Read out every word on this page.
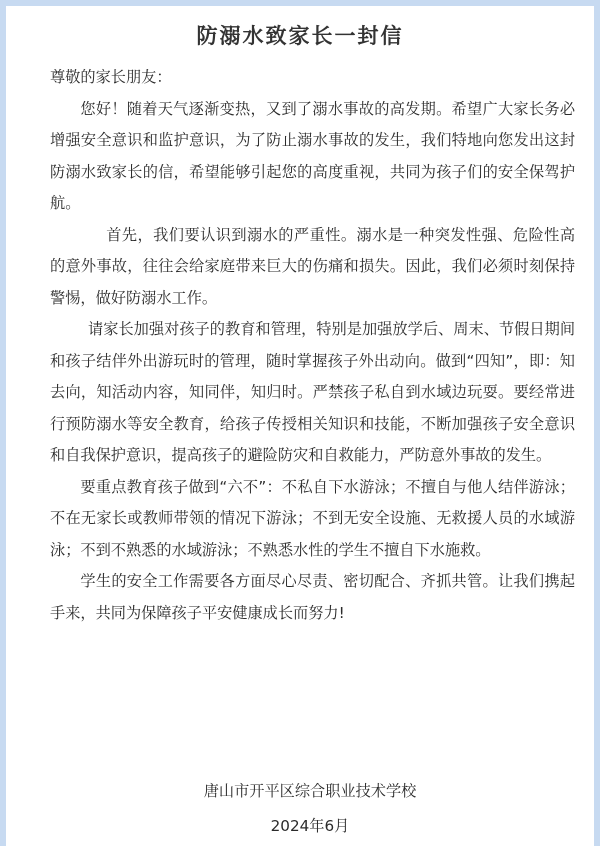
防溺水致家长一封信

尊敬的家长朋友：

您好！随着天气逐渐变热，又到了溺水事故的高发期。希望广大家长务必增强安全意识和监护意识，为了防止溺水事故的发生，我们特地向您发出这封防溺水致家长的信，希望能够引起您的高度重视，共同为孩子们的安全保驾护航。

首先，我们要认识到溺水的严重性。溺水是一种突发性强、危险性高的意外事故，往往会给家庭带来巨大的伤痛和损失。因此，我们必须时刻保持警惕，做好防溺水工作。

请家长加强对孩子的教育和管理，特别是加强放学后、周末、节假日期间和孩子结伴外出游玩时的管理，随时掌握孩子外出动向。做到“四知”，即：知去向，知活动内容，知同伴，知归时。严禁孩子私自到水域边玩耍。要经常进行预防溺水等安全教育，给孩子传授相关知识和技能，不断加强孩子安全意识和自我保护意识，提高孩子的避险防灾和自救能力，严防意外事故的发生。

要重点教育孩子做到“六不”：不私自下水游泳；不擅自与他人结伴游泳；不在无家长或教师带领的情况下游泳；不到无安全设施、无救援人员的水域游泳；不到不熟悉的水域游泳；不熟悉水性的学生不擅自下水施救。

学生的安全工作需要各方面尽心尽责、密切配合、齐抓共管。让我们携起手来，共同为保障孩子平安健康成长而努力!

唐山市开平区综合职业技术学校
2024年6月
